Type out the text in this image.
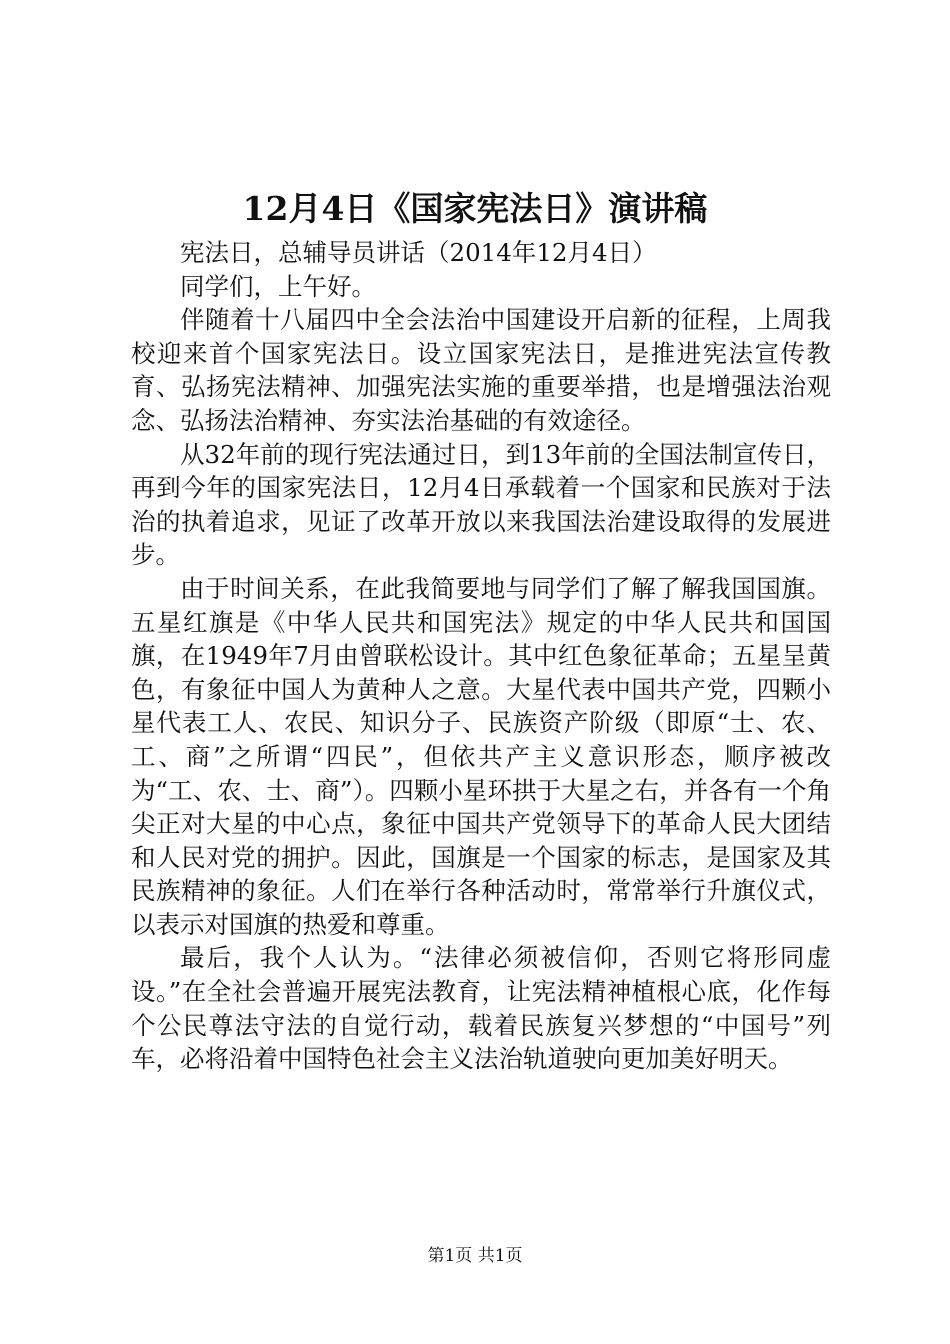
12月4日《国家宪法日》演讲稿

宪法日，总辅导员讲话（2014年12月4日）

同学们，上午好。

伴随着十八届四中全会法治中国建设开启新的征程，上周我校迎来首个国家宪法日。设立国家宪法日，是推进宪法宣传教育、弘扬宪法精神、加强宪法实施的重要举措，也是增强法治观念、弘扬法治精神、夯实法治基础的有效途径。

从32年前的现行宪法通过日，到13年前的全国法制宣传日，再到今年的国家宪法日，12月4日承载着一个国家和民族对于法治的执着追求，见证了改革开放以来我国法治建设取得的发展进步。

由于时间关系，在此我简要地与同学们了解了解我国国旗。五星红旗是《中华人民共和国宪法》规定的中华人民共和国国旗，在1949年7月由曾联松设计。其中红色象征革命；五星呈黄色，有象征中国人为黄种人之意。大星代表中国共产党，四颗小星代表工人、农民、知识分子、民族资产阶级（即原“士、农、工、商”之所谓“四民”，但依共产主义意识形态，顺序被改为“工、农、士、商”）。四颗小星环拱于大星之右，并各有一个角尖正对大星的中心点，象征中国共产党领导下的革命人民大团结和人民对党的拥护。因此，国旗是一个国家的标志，是国家及其民族精神的象征。人们在举行各种活动时，常常举行升旗仪式，以表示对国旗的热爱和尊重。

最后，我个人认为。“法律必须被信仰，否则它将形同虚设。”在全社会普遍开展宪法教育，让宪法精神植根心底，化作每个公民尊法守法的自觉行动，载着民族复兴梦想的“中国号”列车，必将沿着中国特色社会主义法治轨道驶向更加美好明天。

第1页 共1页
